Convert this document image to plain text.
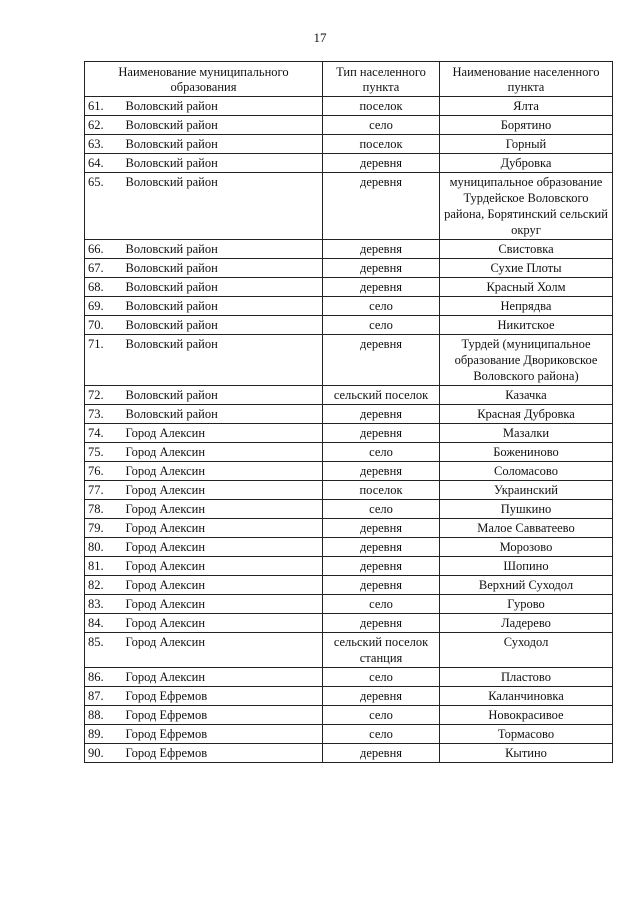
17
Наименование муниципального образования		Тип населенного пункта	Наименование населенного пункта
61.	Воловский район	поселок	Ялта
62.	Воловский район	село	Борятино
63.	Воловский район	поселок	Горный
64.	Воловский район	деревня	Дубровка
65.	Воловский район	деревня	муниципальное образование Турдейское Воловского района, Борятинский сельский округ
66.	Воловский район	деревня	Свистовка
67.	Воловский район	деревня	Сухие Плоты
68.	Воловский район	деревня	Красный Холм
69.	Воловский район	село	Непрядва
70.	Воловский район	село	Никитское
71.	Воловский район	деревня	Турдей (муниципальное образование Двориковское Воловского района)
72.	Воловский район	сельский поселок	Казачка
73.	Воловский район	деревня	Красная Дубровка
74.	Город Алексин	деревня	Мазалки
75.	Город Алексин	село	Божениново
76.	Город Алексин	деревня	Соломасово
77.	Город Алексин	поселок	Украинский
78.	Город Алексин	село	Пушкино
79.	Город Алексин	деревня	Малое Савватеево
80.	Город Алексин	деревня	Морозово
81.	Город Алексин	деревня	Шопино
82.	Город Алексин	деревня	Верхний Суходол
83.	Город Алексин	село	Гурово
84.	Город Алексин	деревня	Ладерево
85.	Город Алексин	сельский поселок станция	Суходол
86.	Город Алексин	село	Пластово
87.	Город Ефремов	деревня	Каланчиновка
88.	Город Ефремов	село	Новокрасивое
89.	Город Ефремов	село	Тормасово
90.	Город Ефремов	деревня	Кытино
